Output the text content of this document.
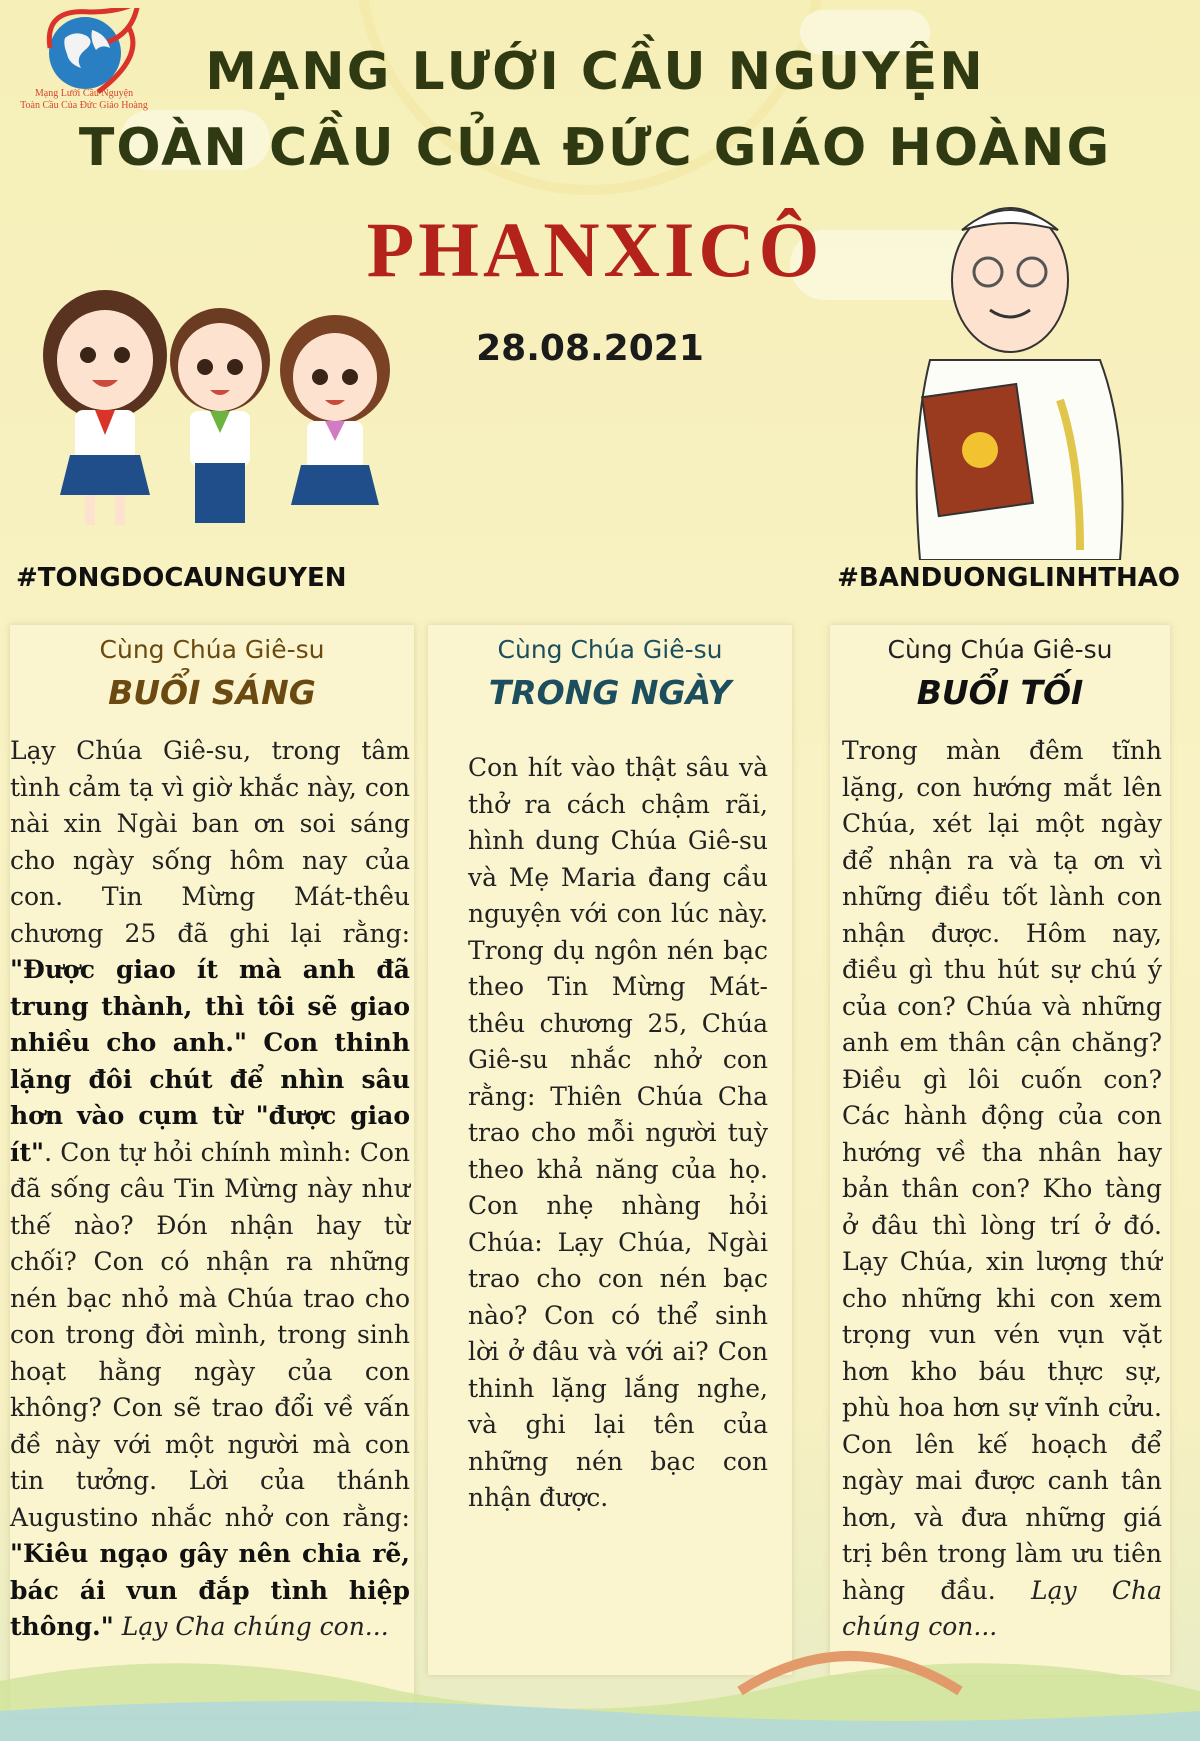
Mạng Lưới Cầu Nguyện
Toàn Cầu Của Đức Giáo Hoàng
MẠNG LƯỚI CẦU NGUYỆN
TOÀN CẦU CỦA ĐỨC GIÁO HOÀNG
PHANXICÔ
28.08.2021
#TONGDOCAUNGUYEN	#BANDUONGLINHTHAO
Cùng Chúa Giê-su
BUỔI SÁNG
Lạy Chúa Giê-su, trong tâm tình cảm tạ vì giờ khắc này, con nài xin Ngài ban ơn soi sáng cho ngày sống hôm nay của con. Tin Mừng Mát-thêu chương 25 đã ghi lại rằng: "Được giao ít mà anh đã trung thành, thì tôi sẽ giao nhiều cho anh." Con thinh lặng đôi chút để nhìn sâu hơn vào cụm từ "được giao ít". Con tự hỏi chính mình: Con đã sống câu Tin Mừng này như thế nào? Đón nhận hay từ chối? Con có nhận ra những nén bạc nhỏ mà Chúa trao cho con trong đời mình, trong sinh hoạt hằng ngày của con không? Con sẽ trao đổi về vấn đề này với một người mà con tin tưởng. Lời của thánh Augustino nhắc nhở con rằng: "Kiêu ngạo gây nên chia rẽ, bác ái vun đắp tình hiệp thông." Lạy Cha chúng con...
Cùng Chúa Giê-su
TRONG NGÀY
Con hít vào thật sâu và thở ra cách chậm rãi, hình dung Chúa Giê-su và Mẹ Maria đang cầu nguyện với con lúc này. Trong dụ ngôn nén bạc theo Tin Mừng Mát-thêu chương 25, Chúa Giê-su nhắc nhở con rằng: Thiên Chúa Cha trao cho mỗi người tuỳ theo khả năng của họ. Con nhẹ nhàng hỏi Chúa: Lạy Chúa, Ngài trao cho con nén bạc nào? Con có thể sinh lời ở đâu và với ai? Con thinh lặng lắng nghe, và ghi lại tên của những nén bạc con nhận được.
Cùng Chúa Giê-su
BUỔI TỐI
Trong màn đêm tĩnh lặng, con hướng mắt lên Chúa, xét lại một ngày để nhận ra và tạ ơn vì những điều tốt lành con nhận được. Hôm nay, điều gì thu hút sự chú ý của con? Chúa và những anh em thân cận chăng? Điều gì lôi cuốn con? Các hành động của con hướng về tha nhân hay bản thân con? Kho tàng ở đâu thì lòng trí ở đó. Lạy Chúa, xin lượng thứ cho những khi con xem trọng vun vén vụn vặt hơn kho báu thực sự, phù hoa hơn sự vĩnh cửu. Con lên kế hoạch để ngày mai được canh tân hơn, và đưa những giá trị bên trong làm ưu tiên hàng đầu. Lạy Cha chúng con...
